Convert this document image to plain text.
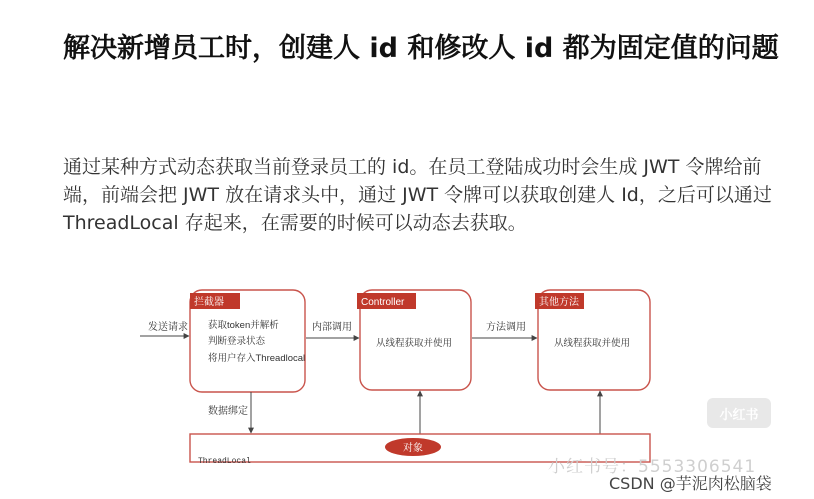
解决新增员工时，创建人 id 和修改人 id 都为固定值的问题

通过某种方式动态获取当前登录员工的 id。在员工登陆成功时会生成 JWT 令牌给前端，前端会把 JWT 放在请求头中，通过 JWT 令牌可以获取创建人 Id，之后可以通过 ThreadLocal 存起来，在需要的时候可以动态去获取。

发送请求
拦截器
获取token并解析
判断登录状态
将用户存入Threadlocal
内部调用
Controller
从线程获取并使用
方法调用
其他方法
从线程获取并使用
数据绑定
对象
ThreadLocal
小红书
小红书号：5553306541
CSDN @芋泥肉松脑袋
